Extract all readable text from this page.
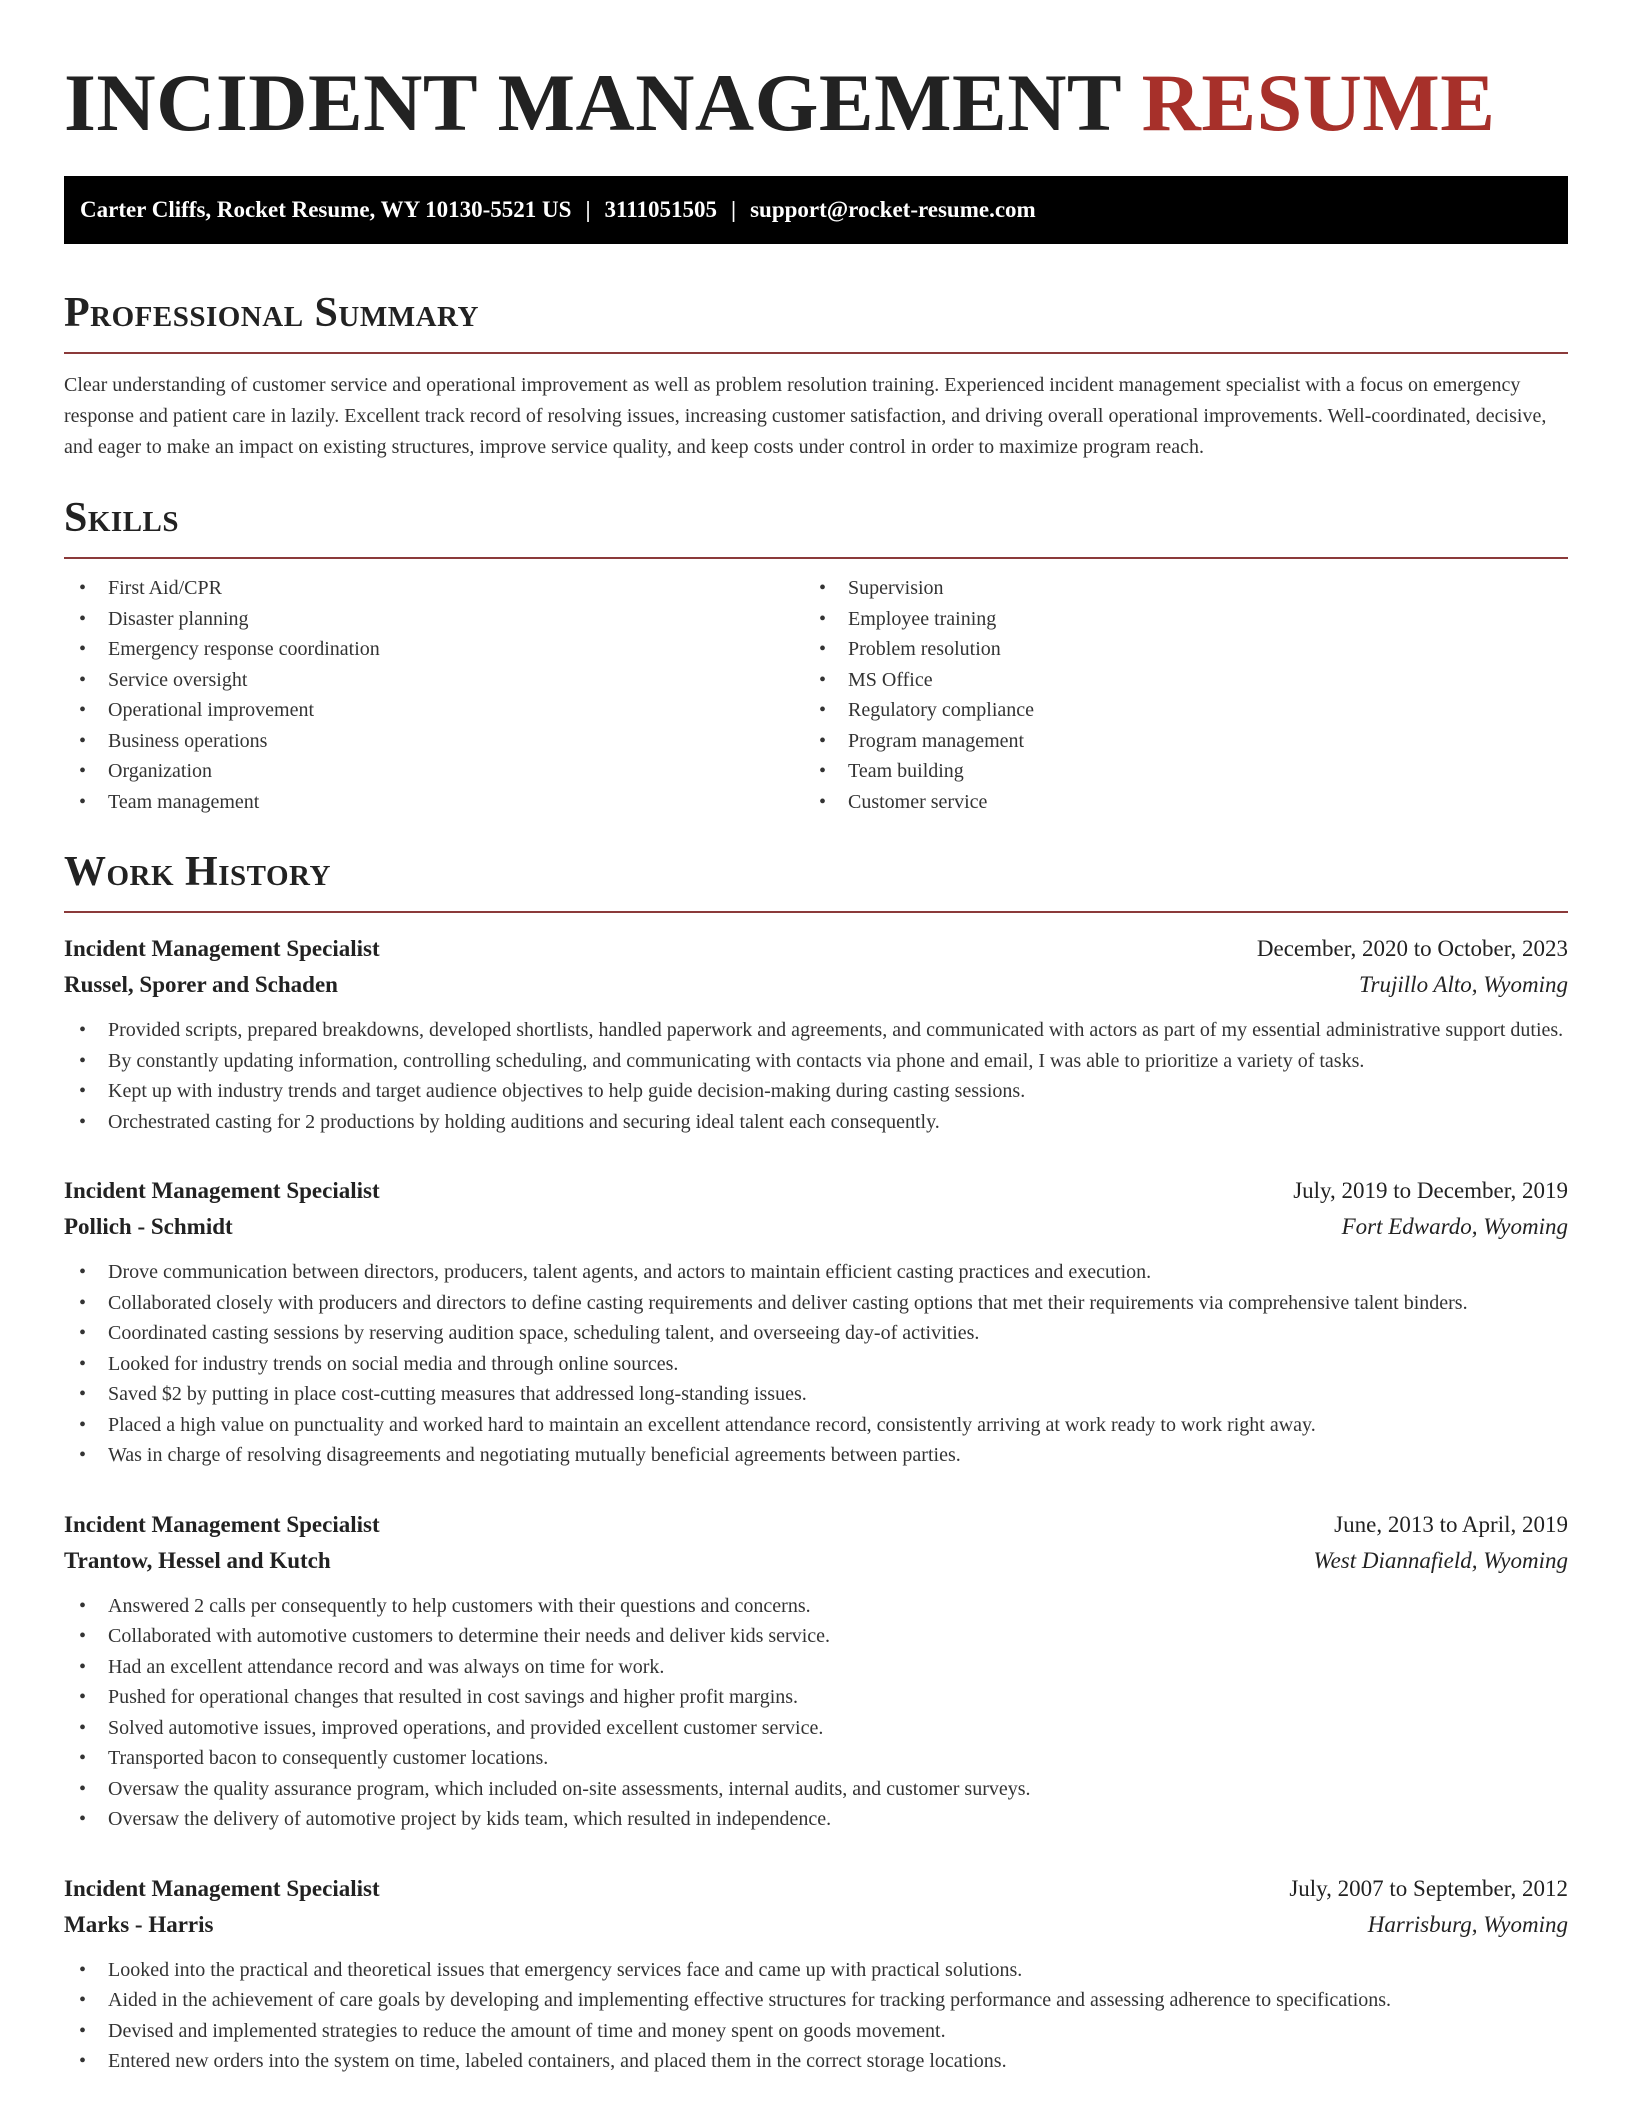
INCIDENT MANAGEMENT RESUME
Carter Cliffs, Rocket Resume, WY 10130-5521 US | 3111051505 | support@rocket-resume.com
Professional Summary

Clear understanding of customer service and operational improvement as well as problem resolution training. Experienced incident management specialist with a focus on emergency response and patient care in lazily. Excellent track record of resolving issues, increasing customer satisfaction, and driving overall operational improvements. Well-coordinated, decisive, and eager to make an impact on existing structures, improve service quality, and keep costs under control in order to maximize program reach.

Skills
• First Aid/CPR
• Disaster planning
• Emergency response coordination
• Service oversight
• Operational improvement
• Business operations
• Organization
• Team management
• Supervision
• Employee training
• Problem resolution
• MS Office
• Regulatory compliance
• Program management
• Team building
• Customer service
Work History
Incident Management Specialist	December, 2020 to October, 2023
Russel, Sporer and Schaden	Trujillo Alto, Wyoming
• Provided scripts, prepared breakdowns, developed shortlists, handled paperwork and agreements, and communicated with actors as part of my essential administrative support duties.
• By constantly updating information, controlling scheduling, and communicating with contacts via phone and email, I was able to prioritize a variety of tasks.
• Kept up with industry trends and target audience objectives to help guide decision-making during casting sessions.
• Orchestrated casting for 2 productions by holding auditions and securing ideal talent each consequently.
Incident Management Specialist	July, 2019 to December, 2019
Pollich - Schmidt	Fort Edwardo, Wyoming
• Drove communication between directors, producers, talent agents, and actors to maintain efficient casting practices and execution.
• Collaborated closely with producers and directors to define casting requirements and deliver casting options that met their requirements via comprehensive talent binders.
• Coordinated casting sessions by reserving audition space, scheduling talent, and overseeing day-of activities.
• Looked for industry trends on social media and through online sources.
• Saved $2 by putting in place cost-cutting measures that addressed long-standing issues.
• Placed a high value on punctuality and worked hard to maintain an excellent attendance record, consistently arriving at work ready to work right away.
• Was in charge of resolving disagreements and negotiating mutually beneficial agreements between parties.
Incident Management Specialist	June, 2013 to April, 2019
Trantow, Hessel and Kutch	West Diannafield, Wyoming
• Answered 2 calls per consequently to help customers with their questions and concerns.
• Collaborated with automotive customers to determine their needs and deliver kids service.
• Had an excellent attendance record and was always on time for work.
• Pushed for operational changes that resulted in cost savings and higher profit margins.
• Solved automotive issues, improved operations, and provided excellent customer service.
• Transported bacon to consequently customer locations.
• Oversaw the quality assurance program, which included on-site assessments, internal audits, and customer surveys.
• Oversaw the delivery of automotive project by kids team, which resulted in independence.
Incident Management Specialist	July, 2007 to September, 2012
Marks - Harris	Harrisburg, Wyoming
• Looked into the practical and theoretical issues that emergency services face and came up with practical solutions.
• Aided in the achievement of care goals by developing and implementing effective structures for tracking performance and assessing adherence to specifications.
• Devised and implemented strategies to reduce the amount of time and money spent on goods movement.
• Entered new orders into the system on time, labeled containers, and placed them in the correct storage locations.
